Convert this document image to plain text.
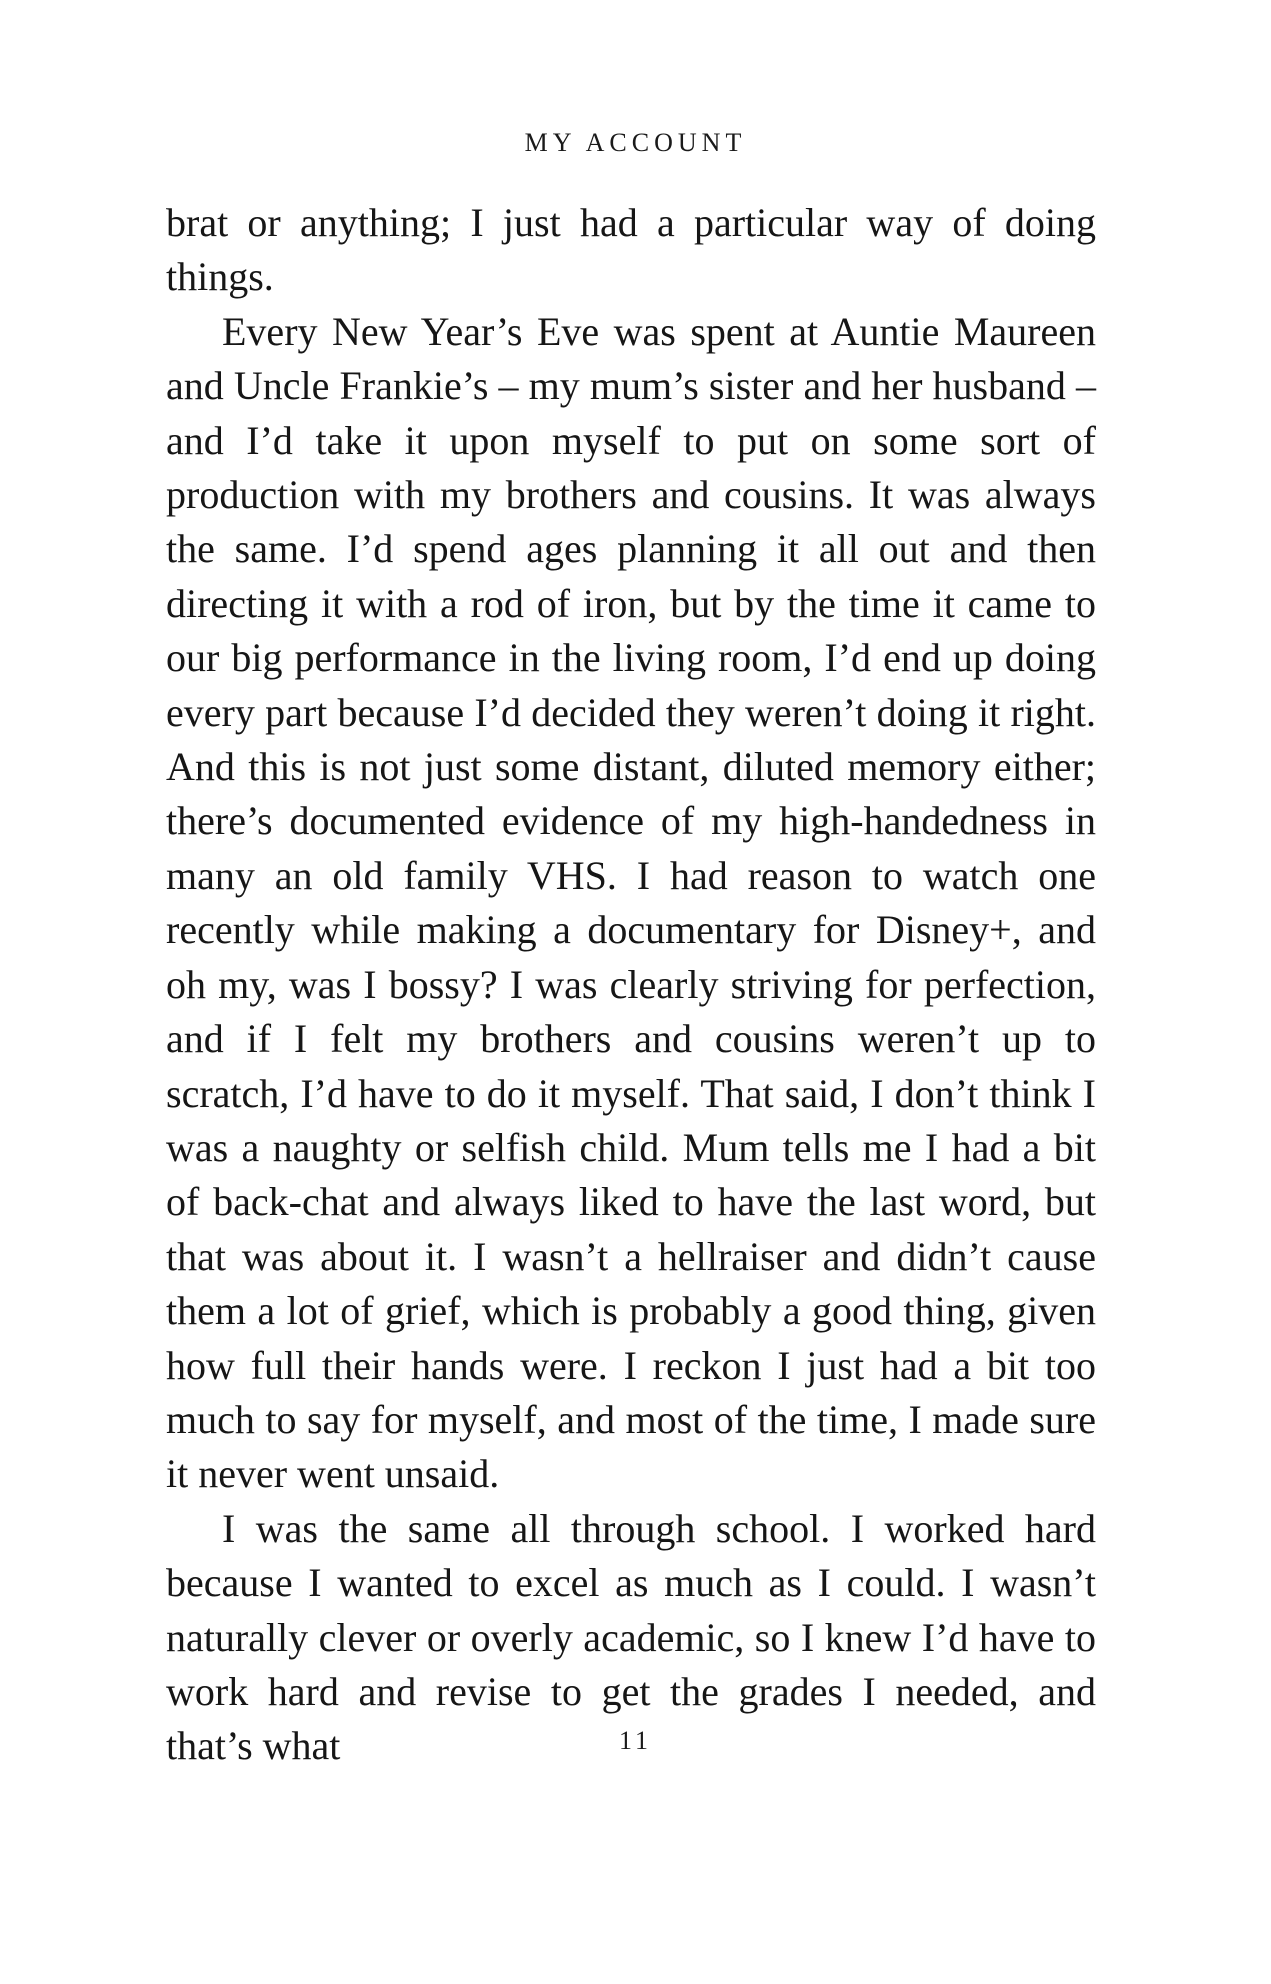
MY ACCOUNT

brat or anything; I just had a particular way of doing things.

Every New Year’s Eve was spent at Auntie Maureen and Uncle Frankie’s – my mum’s sister and her husband – and I’d take it upon myself to put on some sort of production with my brothers and cousins. It was always the same. I’d spend ages planning it all out and then directing it with a rod of iron, but by the time it came to our big performance in the living room, I’d end up doing every part because I’d decided they weren’t doing it right. And this is not just some distant, diluted memory either; there’s documented evidence of my high-handedness in many an old family VHS. I had reason to watch one recently while making a documentary for Disney+, and oh my, was I bossy? I was clearly striving for perfection, and if I felt my brothers and cousins weren’t up to scratch, I’d have to do it myself. That said, I don’t think I was a naughty or selfish child. Mum tells me I had a bit of back-chat and always liked to have the last word, but that was about it. I wasn’t a hellraiser and didn’t cause them a lot of grief, which is probably a good thing, given how full their hands were. I reckon I just had a bit too much to say for myself, and most of the time, I made sure it never went unsaid.

I was the same all through school. I worked hard because I wanted to excel as much as I could. I wasn’t naturally clever or overly academic, so I knew I’d have to work hard and revise to get the grades I needed, and that’s what	11
